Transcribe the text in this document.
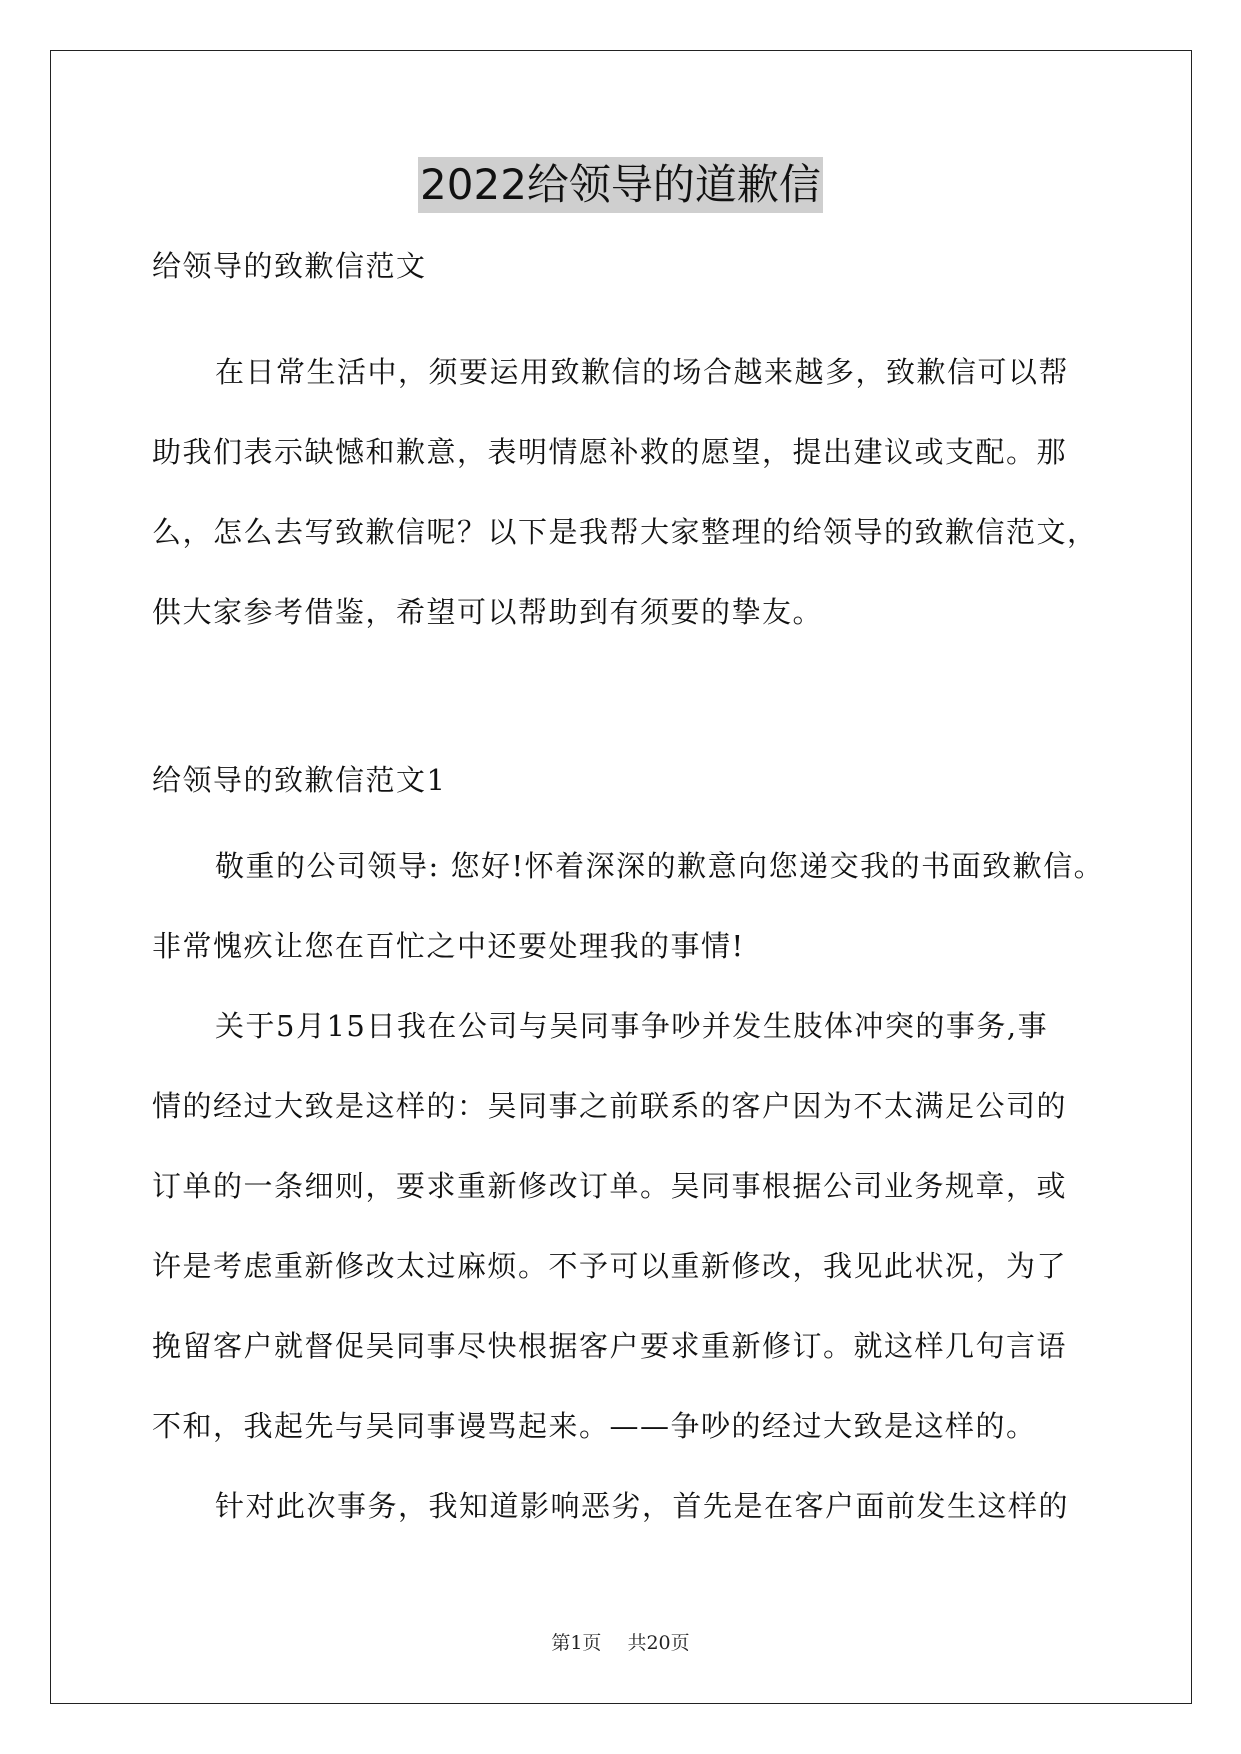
2022给领导的道歉信
给领导的致歉信范文
在日常生活中，须要运用致歉信的场合越来越多，致歉信可以帮
助我们表示缺憾和歉意，表明情愿补救的愿望，提出建议或支配。那
么，怎么去写致歉信呢？以下是我帮大家整理的给领导的致歉信范文，
供大家参考借鉴，希望可以帮助到有须要的挚友。
给领导的致歉信范文1
敬重的公司领导: 您好!怀着深深的歉意向您递交我的书面致歉信。
非常愧疚让您在百忙之中还要处理我的事情!
关于5月15日我在公司与吴同事争吵并发生肢体冲突的事务,事
情的经过大致是这样的：吴同事之前联系的客户因为不太满足公司的
订单的一条细则，要求重新修改订单。吴同事根据公司业务规章，或
许是考虑重新修改太过麻烦。不予可以重新修改，我见此状况，为了
挽留客户就督促吴同事尽快根据客户要求重新修订。就这样几句言语
不和，我起先与吴同事谩骂起来。——争吵的经过大致是这样的。
针对此次事务，我知道影响恶劣，首先是在客户面前发生这样的
第1页 共20页
